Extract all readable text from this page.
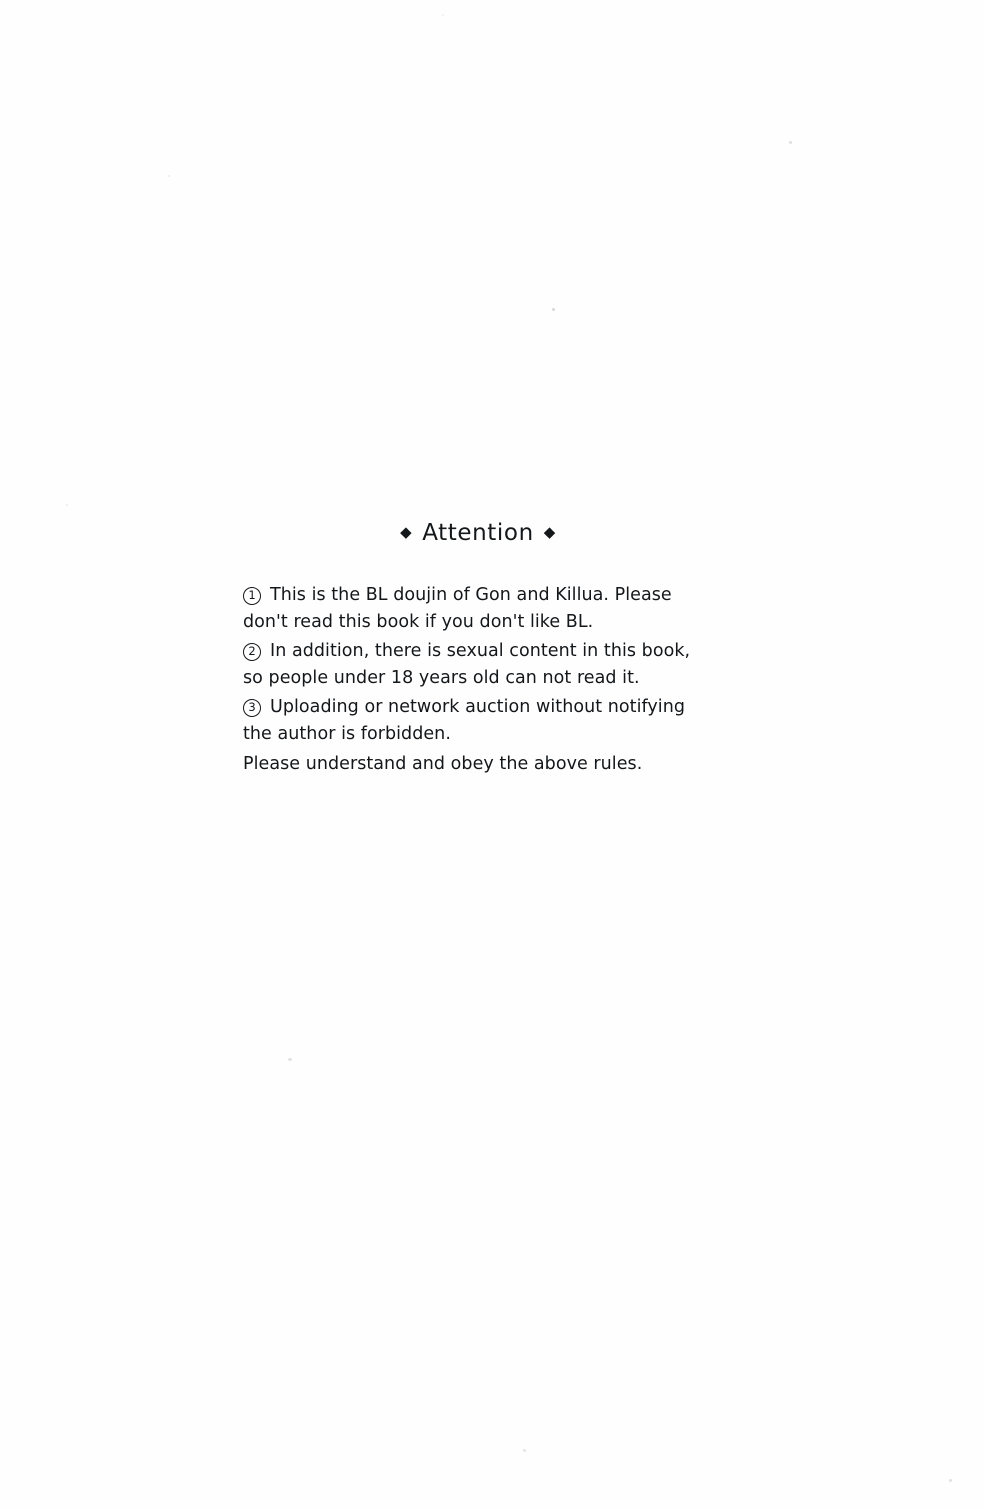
◆ Attention ◆
1 This is the BL doujin of Gon and Killua. Please don't read this book if you don't like BL.
2 In addition, there is sexual content in this book, so people under 18 years old can not read it.
3 Uploading or network auction without notifying the author is forbidden.
Please understand and obey the above rules.
